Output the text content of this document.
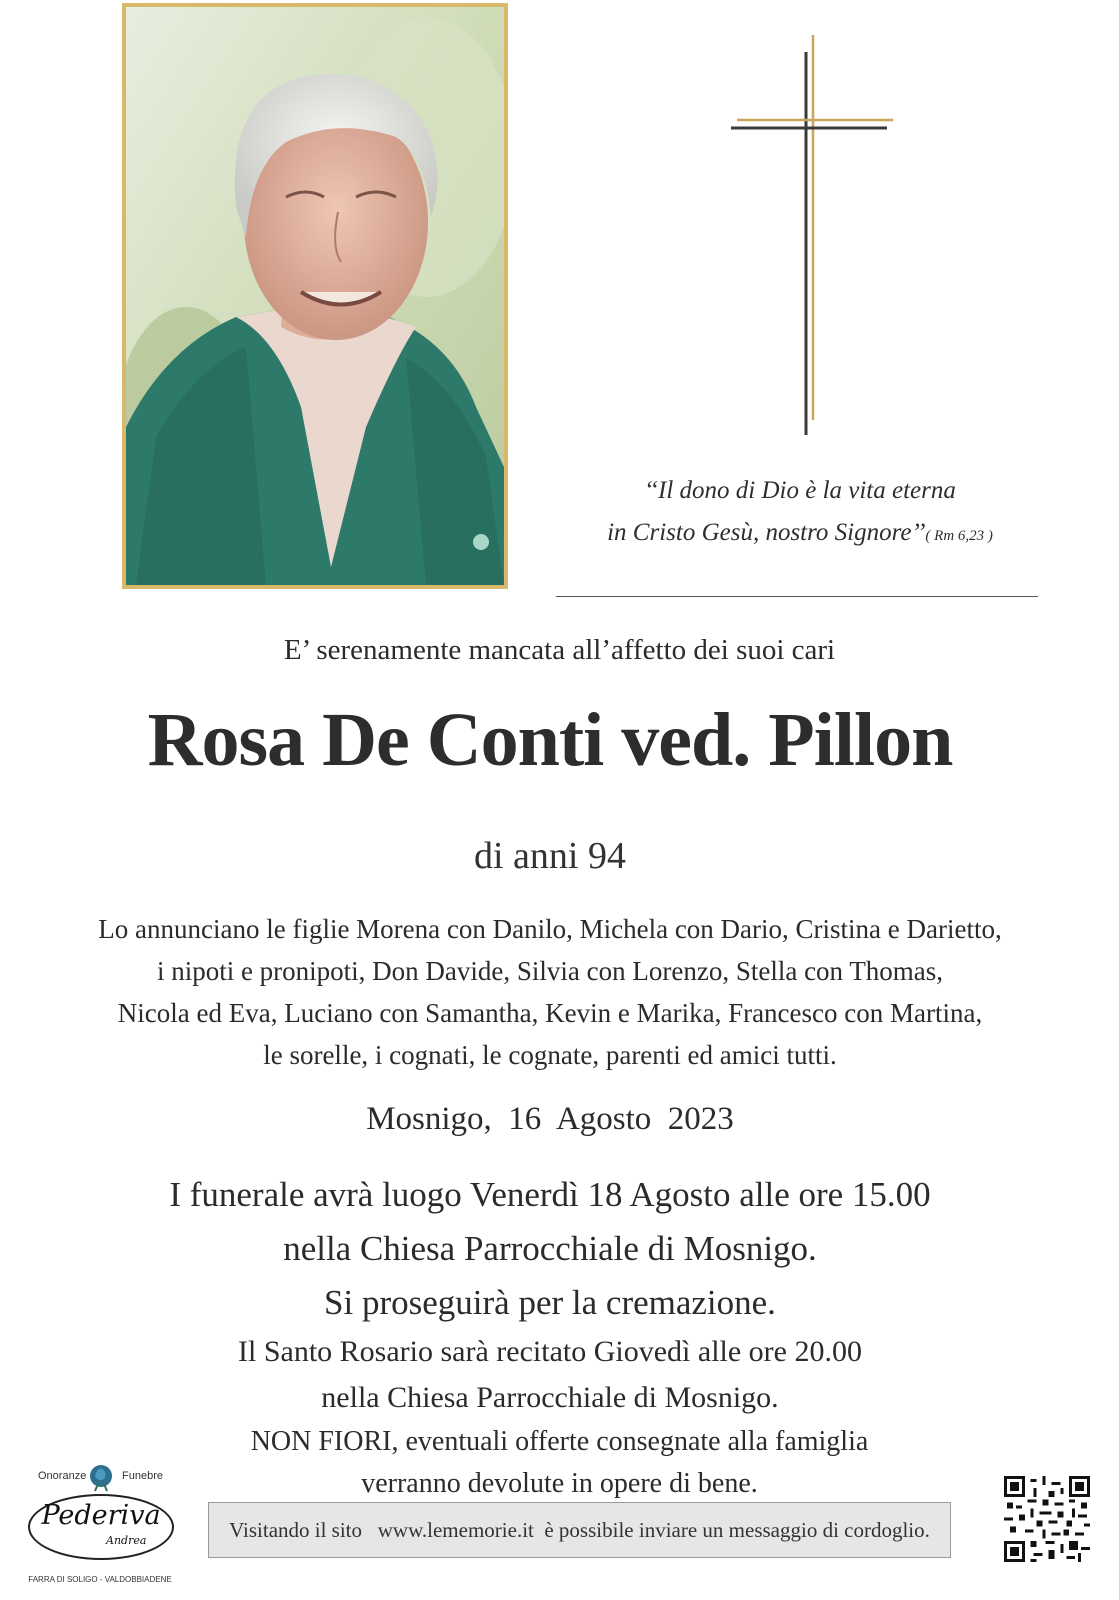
‘‘Il dono di Dio è la vita eterna
in Cristo Gesù, nostro Signore’’( Rm 6,23 )
E’ serenamente mancata all’affetto dei suoi cari
Rosa De Conti ved. Pillon
di anni 94
Lo annunciano le figlie Morena con Danilo, Michela con Dario, Cristina e Darietto,
i nipoti e pronipoti, Don Davide, Silvia con Lorenzo, Stella con Thomas,
Nicola ed Eva, Luciano con Samantha, Kevin e Marika, Francesco con Martina,
le sorelle, i cognati, le cognate, parenti ed amici tutti.
Mosnigo,  16  Agosto  2023
I funerale avrà luogo Venerdì 18 Agosto alle ore 15.00
nella Chiesa Parrocchiale di Mosnigo.
Si proseguirà per la cremazione.
Il Santo Rosario sarà recitato Giovedì alle ore 20.00
nella Chiesa Parrocchiale di Mosnigo.
NON FIORI, eventuali offerte consegnate alla famiglia
verranno devolute in opere di bene.
Onoranze	Funebre
Pederiva
Andrea
FARRA DI SOLIGO - VALDOBBIADENE
Visitando il sito   www.lememorie.it  è possibile inviare un messaggio di cordoglio.
